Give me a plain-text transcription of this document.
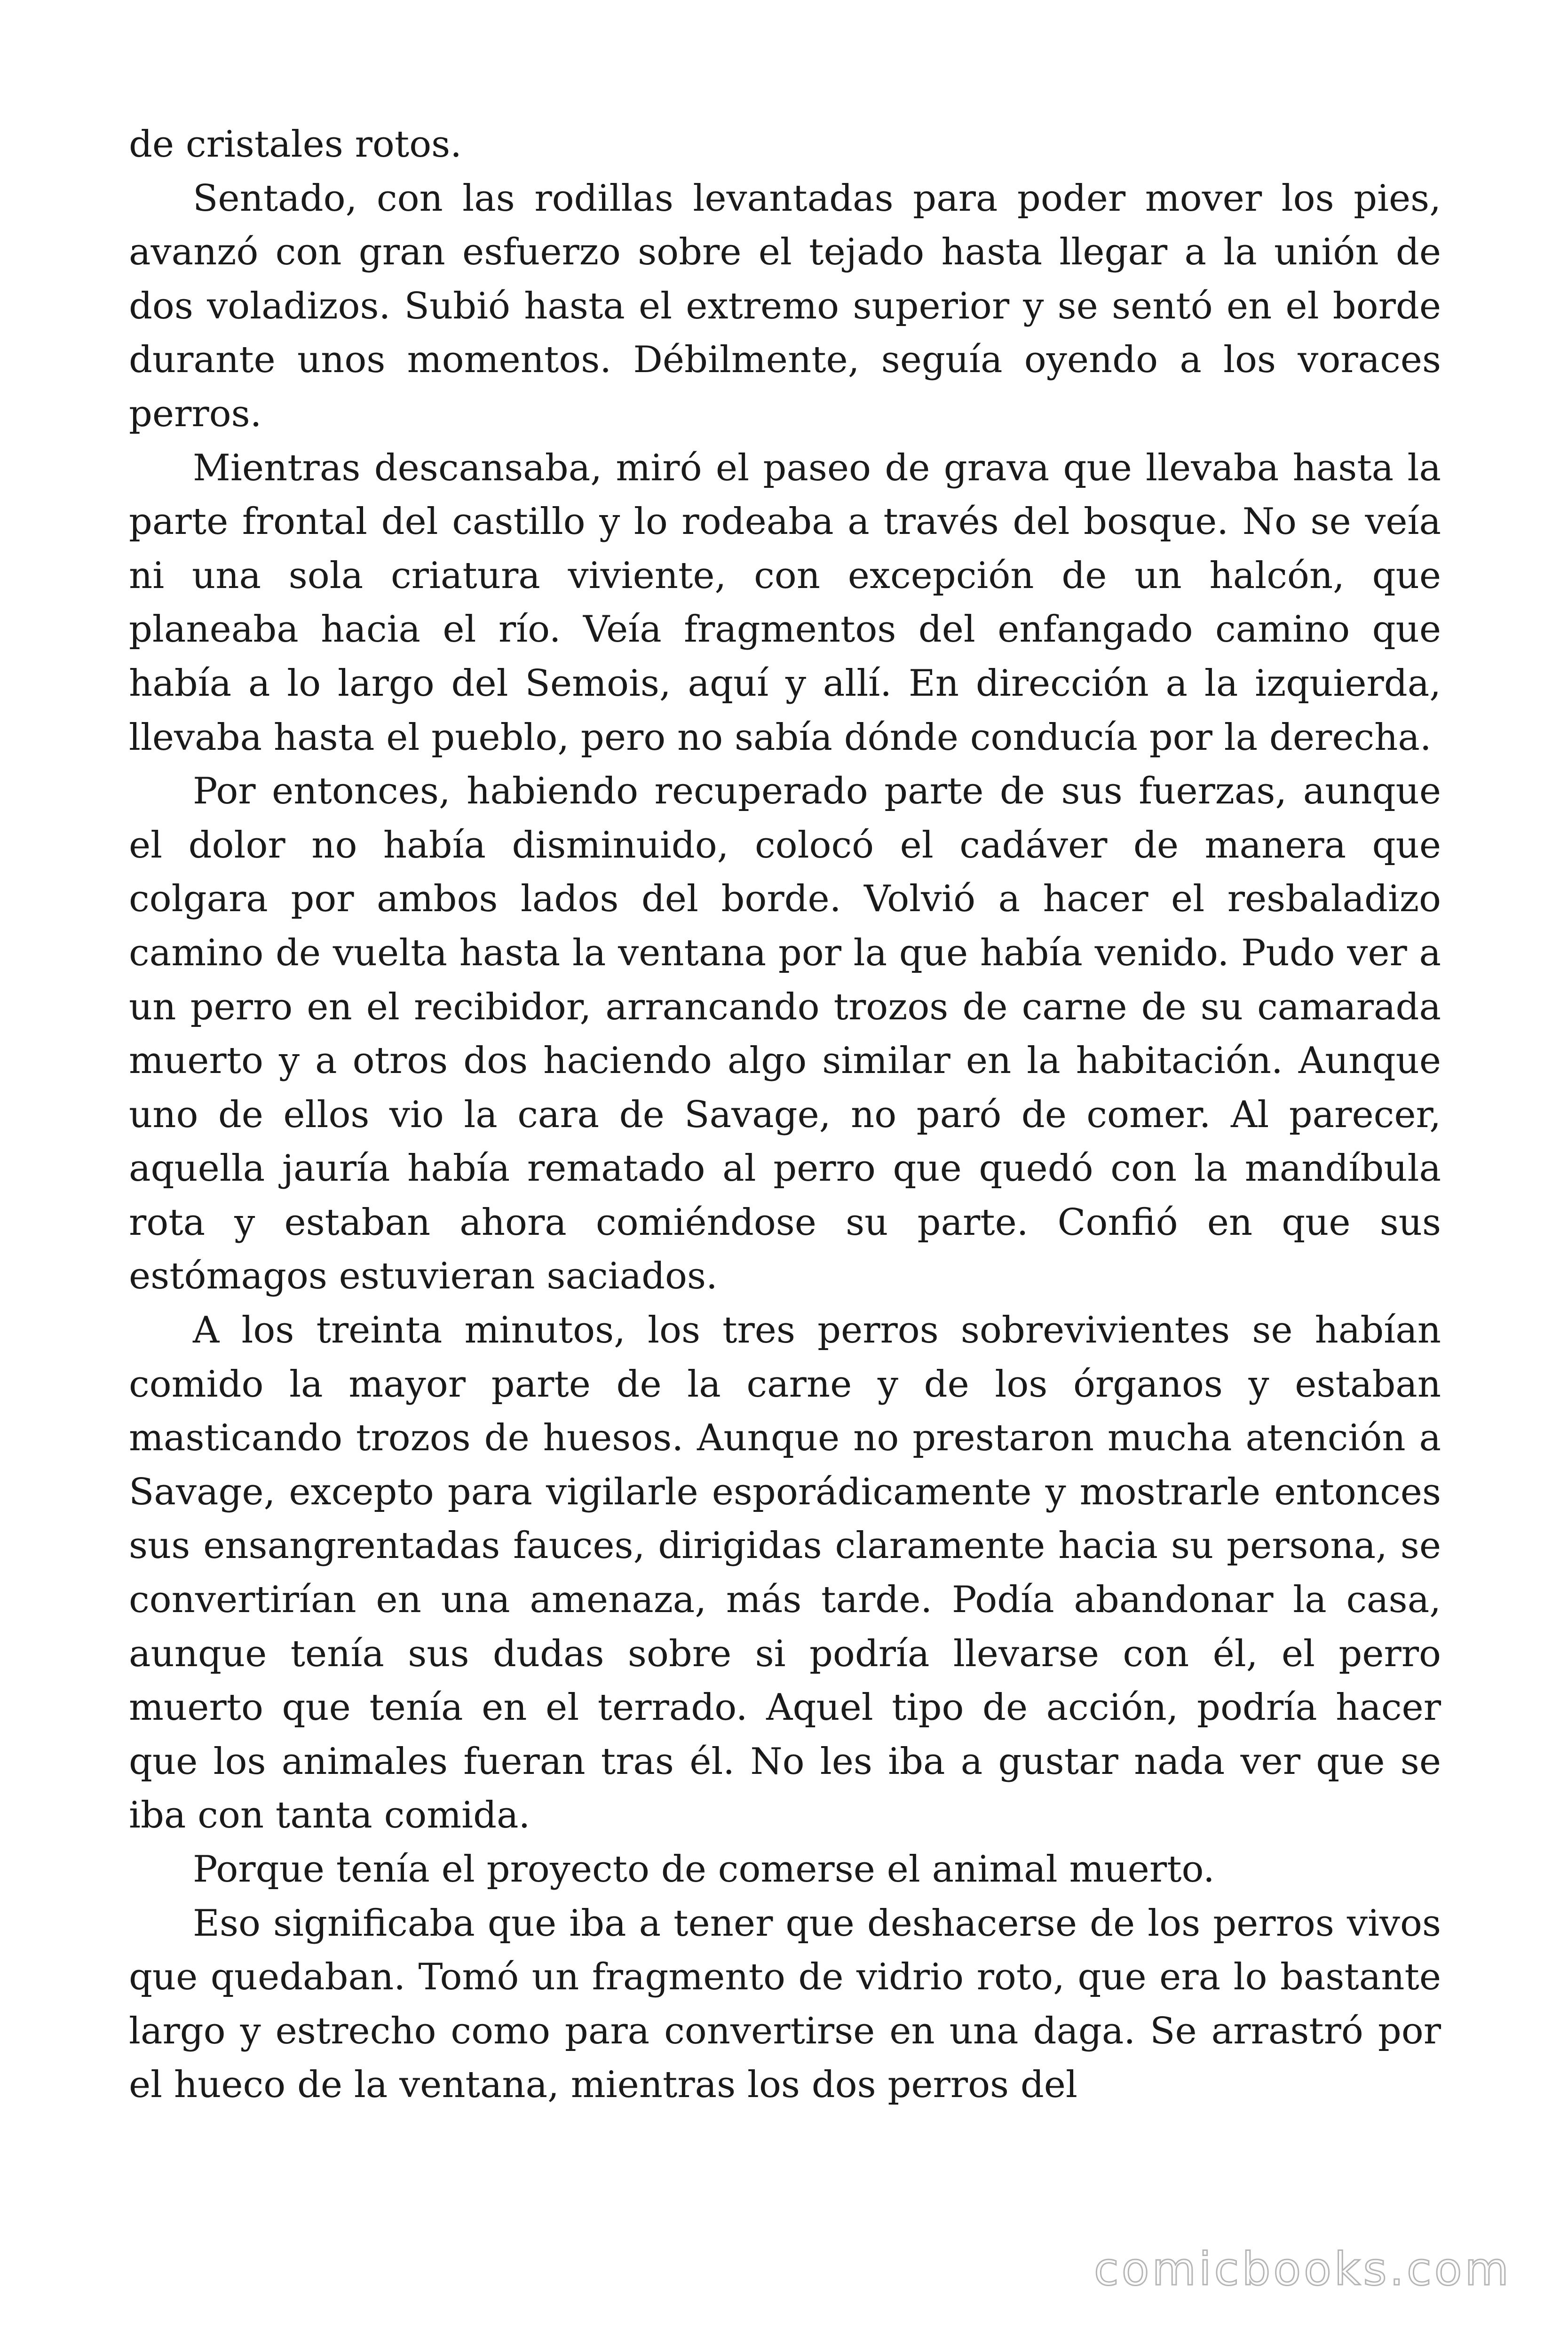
de cristales rotos.

Sentado, con las rodillas levantadas para poder mover los pies, avanzó con gran esfuerzo sobre el tejado hasta llegar a la unión de dos voladizos. Subió hasta el extremo superior y se sentó en el borde durante unos momentos. Débilmente, seguía oyendo a los voraces perros.

Mientras descansaba, miró el paseo de grava que llevaba hasta la parte frontal del castillo y lo rodeaba a través del bosque. No se veía ni una sola criatura viviente, con excepción de un halcón, que planeaba hacia el río. Veía fragmentos del enfangado camino que había a lo largo del Semois, aquí y allí. En dirección a la izquierda, llevaba hasta el pueblo, pero no sabía dónde conducía por la derecha.

Por entonces, habiendo recuperado parte de sus fuerzas, aunque el dolor no había disminuido, colocó el cadáver de manera que colgara por ambos lados del borde. Volvió a hacer el resbaladizo camino de vuelta hasta la ventana por la que había venido. Pudo ver a un perro en el recibidor, arrancando trozos de carne de su camarada muerto y a otros dos haciendo algo similar en la habitación. Aunque uno de ellos vio la cara de Savage, no paró de comer. Al parecer, aquella jauría había rematado al perro que quedó con la mandíbula rota y estaban ahora comiéndose su parte. Confió en que sus estómagos estuvieran saciados.

A los treinta minutos, los tres perros sobrevivientes se habían comido la mayor parte de la carne y de los órganos y estaban masticando trozos de huesos. Aunque no prestaron mucha atención a Savage, excepto para vigilarle esporádicamente y mostrarle entonces sus ensangrentadas fauces, dirigidas claramente hacia su persona, se convertirían en una amenaza, más tarde. Podía abandonar la casa, aunque tenía sus dudas sobre si podría llevarse con él, el perro muerto que tenía en el terrado. Aquel tipo de acción, podría hacer que los animales fueran tras él. No les iba a gustar nada ver que se iba con tanta comida.

Porque tenía el proyecto de comerse el animal muerto.

Eso significaba que iba a tener que deshacerse de los perros vivos que quedaban. Tomó un fragmento de vidrio roto, que era lo bastante largo y estrecho como para convertirse en una daga. Se arrastró por el hueco de la ventana, mientras los dos perros del

comicbooks.com
